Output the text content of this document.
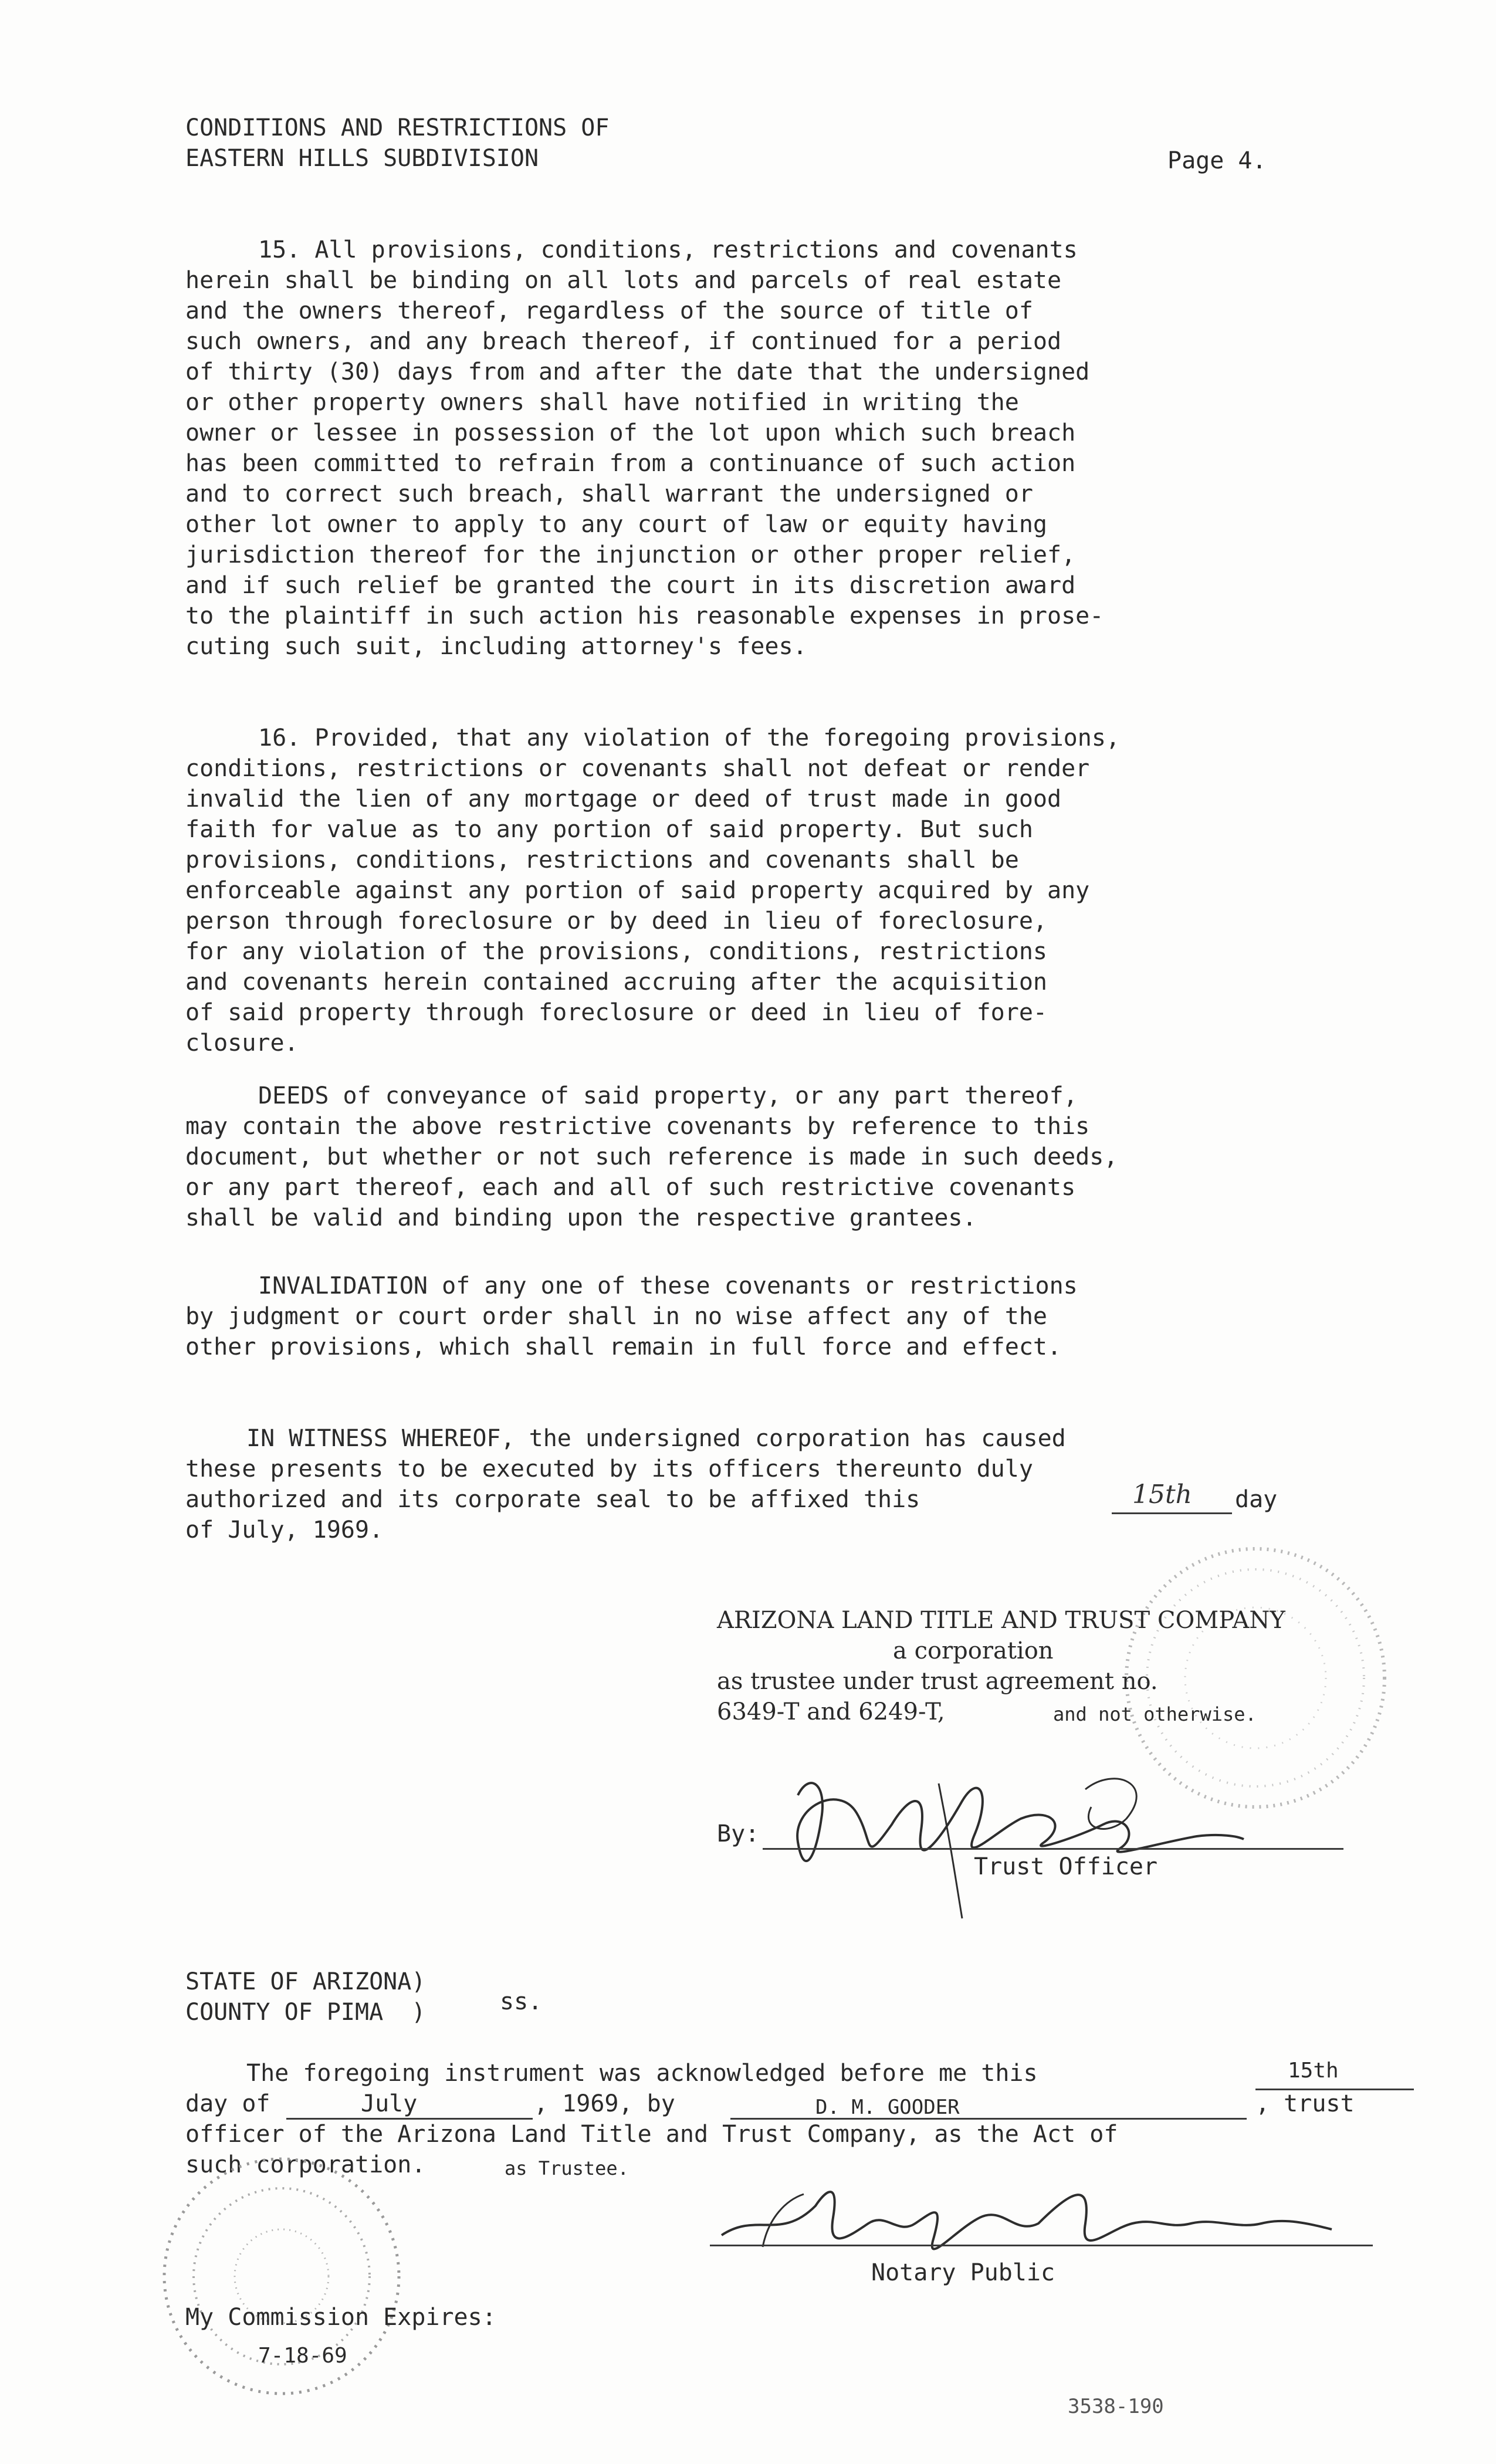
CONDITIONS AND RESTRICTIONS OF
EASTERN HILLS SUBDIVISION	Page 4.
15. All provisions, conditions, restrictions and covenants
herein shall be binding on all lots and parcels of real estate
and the owners thereof, regardless of the source of title of
such owners, and any breach thereof, if continued for a period
of thirty (30) days from and after the date that the undersigned
or other property owners shall have notified in writing the
owner or lessee in possession of the lot upon which such breach
has been committed to refrain from a continuance of such action
and to correct such breach, shall warrant the undersigned or
other lot owner to apply to any court of law or equity having
jurisdiction thereof for the injunction or other proper relief,
and if such relief be granted the court in its discretion award
to the plaintiff in such action his reasonable expenses in prose-
cuting such suit, including attorney's fees.
16. Provided, that any violation of the foregoing provisions,
conditions, restrictions or covenants shall not defeat or render
invalid the lien of any mortgage or deed of trust made in good
faith for value as to any portion of said property. But such
provisions, conditions, restrictions and covenants shall be
enforceable against any portion of said property acquired by any
person through foreclosure or by deed in lieu of foreclosure,
for any violation of the provisions, conditions, restrictions
and covenants herein contained accruing after the acquisition
of said property through foreclosure or deed in lieu of fore-
closure.
DEEDS of conveyance of said property, or any part thereof,
may contain the above restrictive covenants by reference to this
document, but whether or not such reference is made in such deeds,
or any part thereof, each and all of such restrictive covenants
shall be valid and binding upon the respective grantees.
INVALIDATION of any one of these covenants or restrictions
by judgment or court order shall in no wise affect any of the
other provisions, which shall remain in full force and effect.
IN WITNESS WHEREOF, the undersigned corporation has caused
these presents to be executed by its officers thereunto duly
authorized and its corporate seal to be affixed this	15th day
of July, 1969.
ARIZONA LAND TITLE AND TRUST COMPANY
a corporation
as trustee under trust agreement no.
6349-T and 6249-T,	and not otherwise.
By:
Trust Officer
STATE OF ARIZONA)
COUNTY OF PIMA  )	ss.
The foregoing instrument was acknowledged before me this	15th
day of	July	, 1969, by	D. M. GOODER	, trust
officer of the Arizona Land Title and Trust Company, as the Act of
such corporation.	as Trustee.
Notary Public
My Commission Expires:
7-18-69
3538-190
